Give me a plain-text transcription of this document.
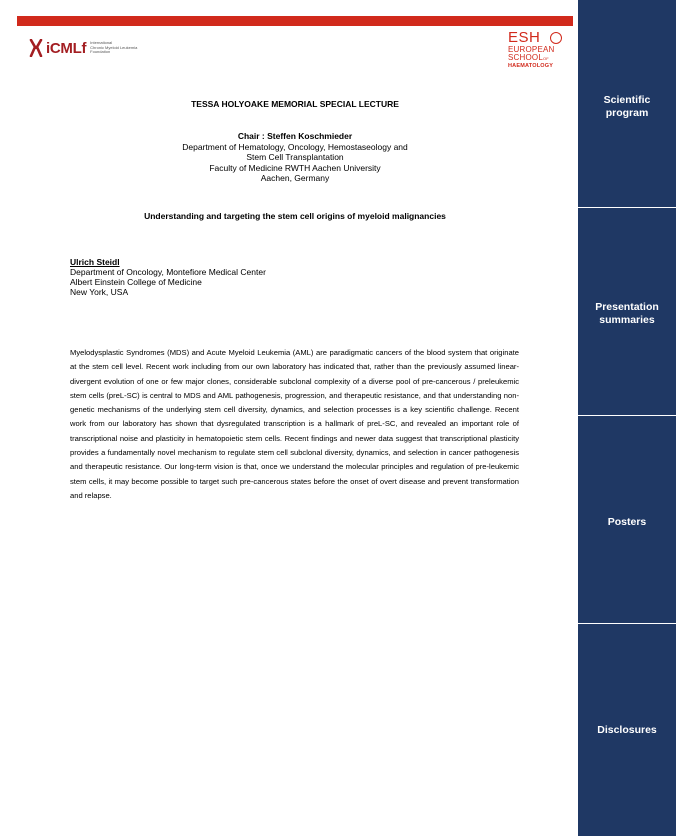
iCMLf International
Chronic Myeloid Leukemia
Foundation
ESH
EUROPEAN
SCHOOLOF
HAEMATOLOGY
Scientific
program
Presentation
summaries
Posters
Disclosures
TESSA HOLYOAKE MEMORIAL SPECIAL LECTURE
Chair : Steffen Koschmieder
Department of Hematology, Oncology, Hemostaseology and
Stem Cell Transplantation
Faculty of Medicine RWTH Aachen University
Aachen, Germany
Understanding and targeting the stem cell origins of myeloid malignancies
Ulrich Steidl
Department of Oncology, Montefiore Medical Center
Albert Einstein College of Medicine
New York, USA

Myelodysplastic Syndromes (MDS) and Acute Myeloid Leukemia (AML) are paradigmatic cancers of the blood system that originate at the stem cell level. Recent work including from our own laboratory has indicated that, rather than the previously assumed linear-divergent evolution of one or few major clones, considerable subclonal complexity of a diverse pool of pre-cancerous / preleukemic stem cells (preL-SC) is central to MDS and AML pathogenesis, progression, and therapeutic resistance, and that understanding non-genetic mechanisms of the underlying stem cell diversity, dynamics, and selection processes is a key scientific challenge. Recent work from our laboratory has shown that dysregulated transcription is a hallmark of preL-SC, and revealed an important role of transcriptional noise and plasticity in hematopoietic stem cells. Recent findings and newer data suggest that transcriptional plasticity provides a fundamentally novel mechanism to regulate stem cell subclonal diversity, dynamics, and selection in cancer pathogenesis and therapeutic resistance. Our long-term vision is that, once we understand the molecular principles and regulation of pre-leukemic stem cells, it may become possible to target such pre-cancerous states before the onset of overt disease and prevent transformation and relapse.
